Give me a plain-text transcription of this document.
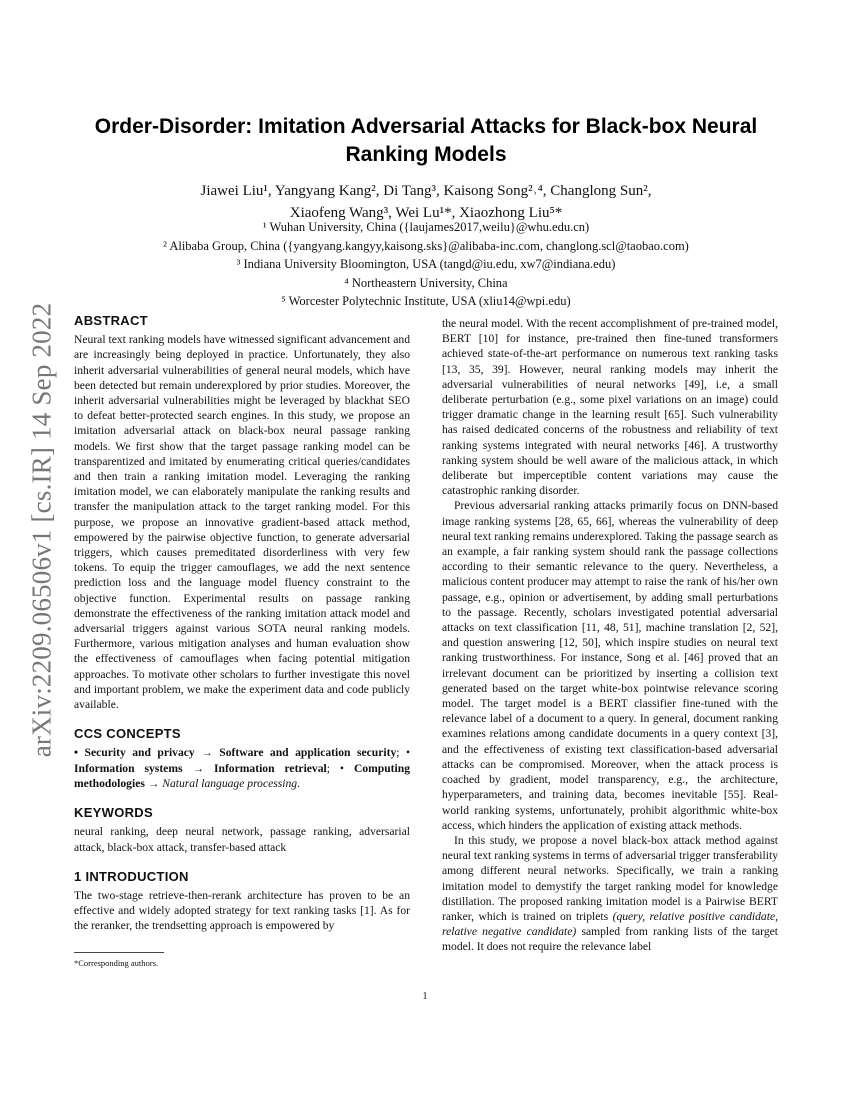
arXiv:2209.06506v1 [cs.IR] 14 Sep 2022
Order-Disorder: Imitation Adversarial Attacks for Black-box Neural Ranking Models
Jiawei Liu¹, Yangyang Kang², Di Tang³, Kaisong Song²˒⁴, Changlong Sun²,
Xiaofeng Wang³, Wei Lu¹*, Xiaozhong Liu⁵*
¹ Wuhan University, China ({laujames2017,weilu}@whu.edu.cn)
² Alibaba Group, China ({yangyang.kangyy,kaisong.sks}@alibaba-inc.com, changlong.scl@taobao.com)
³ Indiana University Bloomington, USA (tangd@iu.edu, xw7@indiana.edu)
⁴ Northeastern University, China
⁵ Worcester Polytechnic Institute, USA (xliu14@wpi.edu)
ABSTRACT

Neural text ranking models have witnessed significant advancement and are increasingly being deployed in practice. Unfortunately, they also inherit adversarial vulnerabilities of general neural models, which have been detected but remain underexplored by prior studies. Moreover, the inherit adversarial vulnerabilities might be leveraged by blackhat SEO to defeat better-protected search engines. In this study, we propose an imitation adversarial attack on black-box neural passage ranking models. We first show that the target passage ranking model can be transparentized and imitated by enumerating critical queries/candidates and then train a ranking imitation model. Leveraging the ranking imitation model, we can elaborately manipulate the ranking results and transfer the manipulation attack to the target ranking model. For this purpose, we propose an innovative gradient-based attack method, empowered by the pairwise objective function, to generate adversarial triggers, which causes premeditated disorderliness with very few tokens. To equip the trigger camouflages, we add the next sentence prediction loss and the language model fluency constraint to the objective function. Experimental results on passage ranking demonstrate the effectiveness of the ranking imitation attack model and adversarial triggers against various SOTA neural ranking models. Furthermore, various mitigation analyses and human evaluation show the effectiveness of camouflages when facing potential mitigation approaches. To motivate other scholars to further investigate this novel and important problem, we make the experiment data and code publicly available.

CCS CONCEPTS

• Security and privacy → Software and application security; • Information systems → Information retrieval; • Computing methodologies → Natural language processing.

KEYWORDS

neural ranking, deep neural network, passage ranking, adversarial attack, black-box attack, transfer-based attack

1 INTRODUCTION

The two-stage retrieve-then-rerank architecture has proven to be an effective and widely adopted strategy for text ranking tasks [1]. As for the reranker, the trendsetting approach is empowered by

*Corresponding authors.

the neural model. With the recent accomplishment of pre-trained model, BERT [10] for instance, pre-trained then fine-tuned transformers achieved state-of-the-art performance on numerous text ranking tasks [13, 35, 39]. However, neural ranking models may inherit the adversarial vulnerabilities of neural networks [49], i.e, a small deliberate perturbation (e.g., some pixel variations on an image) could trigger dramatic change in the learning result [65]. Such vulnerability has raised dedicated concerns of the robustness and reliability of text ranking systems integrated with neural networks [46]. A trustworthy ranking system should be well aware of the malicious attack, in which deliberate but imperceptible content variations may cause the catastrophic ranking disorder.

Previous adversarial ranking attacks primarily focus on DNN-based image ranking systems [28, 65, 66], whereas the vulnerability of deep neural text ranking remains underexplored. Taking the passage search as an example, a fair ranking system should rank the passage collections according to their semantic relevance to the query. Nevertheless, a malicious content producer may attempt to raise the rank of his/her own passage, e.g., opinion or advertisement, by adding small perturbations to the passage. Recently, scholars investigated potential adversarial attacks on text classification [11, 48, 51], machine translation [2, 52], and question answering [12, 50], which inspire studies on neural text ranking trustworthiness. For instance, Song et al. [46] proved that an irrelevant document can be prioritized by inserting a collision text generated based on the target white-box pointwise relevance scoring model. The target model is a BERT classifier fine-tuned with the relevance label of a document to a query. In general, document ranking examines relations among candidate documents in a query context [3], and the effectiveness of existing text classification-based adversarial attacks can be compromised. Moreover, when the attack process is coached by gradient, model transparency, e.g., the architecture, hyperparameters, and training data, becomes inevitable [55]. Real-world ranking systems, unfortunately, prohibit algorithmic white-box access, which hinders the application of existing attack methods.

In this study, we propose a novel black-box attack method against neural text ranking systems in terms of adversarial trigger transferability among different neural networks. Specifically, we train a ranking imitation model to demystify the target ranking model for knowledge distillation. The proposed ranking imitation model is a Pairwise BERT ranker, which is trained on triplets (query, relative positive candidate, relative negative candidate) sampled from ranking lists of the target model. It does not require the relevance label

1
